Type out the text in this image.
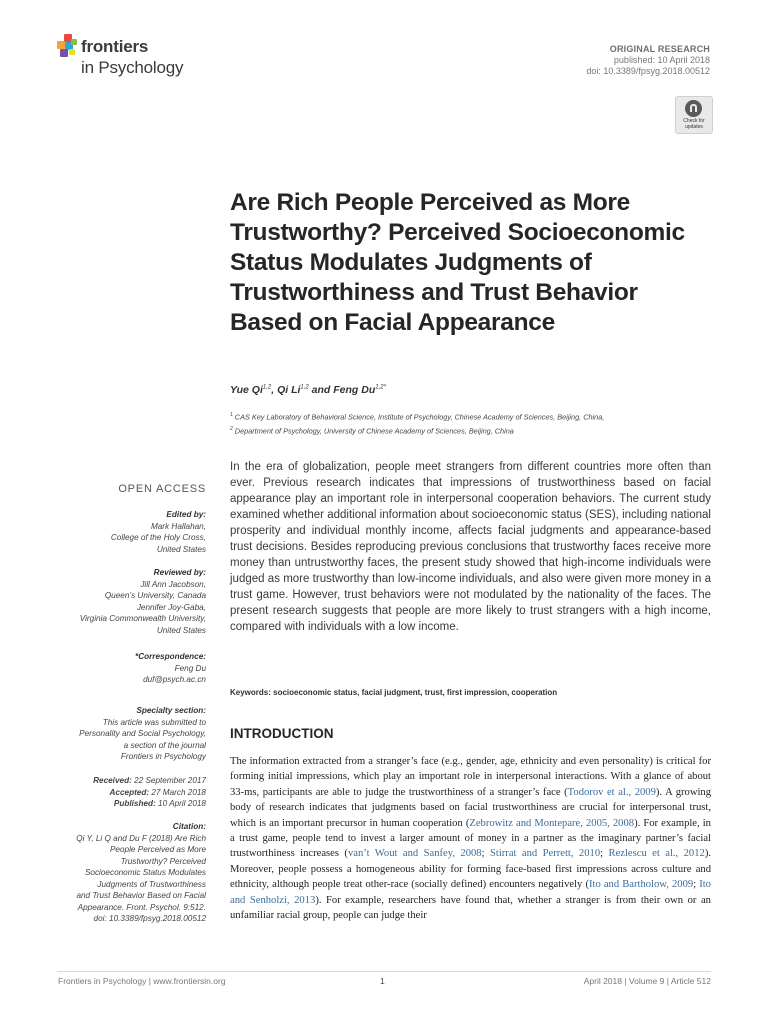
frontiers
in Psychology
ORIGINAL RESEARCH
published: 10 April 2018
doi: 10.3389/fpsyg.2018.00512
Check for
updates
Are Rich People Perceived as More Trustworthy? Perceived Socioeconomic Status Modulates Judgments of Trustworthiness and Trust Behavior Based on Facial Appearance
Yue Qi$^{1,2}$, Qi Li$^{1,2}$ and Feng $Du^{1,2*}$
$^1$ CAS Key Laboratory of Behavioral Science, Institute of Psychology, Chinese Academy of Sciences, Beijing, China,
$^2$ Department of Psychology, University of Chinese Academy of Sciences, Beijing, China
In the era of globalization, people meet strangers from different countries more often than ever. Previous research indicates that impressions of trustworthiness based on facial appearance play an important role in interpersonal cooperation behaviors. The current study examined whether additional information about socioeconomic status (SES), including national prosperity and individual monthly income, affects facial judgments and appearance-based trust decisions. Besides reproducing previous conclusions that trustworthy faces receive more money than untrustworthy faces, the present study showed that high-income individuals were judged as more trustworthy than low-income individuals, and also were given more money in a trust game. However, trust behaviors were not modulated by the nationality of the faces. The present research suggests that people are more likely to trust strangers with a high income, compared with individuals with a low income.
Keywords: socioeconomic status, facial judgment, trust, first impression, cooperation
OPEN ACCESS
Edited by:
Mark Hallahan,
College of the Holy Cross,
United States
Reviewed by:
Jill Ann Jacobson,
Queen’s University, Canada
Jennifer Joy-Gaba,
Virginia Commonwealth University,
United States
*Correspondence:
Feng Du
duf@psych.ac.cn
Specialty section:
This article was submitted to
Personality and Social Psychology,
a section of the journal
Frontiers in Psychology
Received: 22 September 2017
Accepted: 27 March 2018
Published: 10 April 2018
Citation:
Qi Y, Li Q and Du F (2018) Are Rich
People Perceived as More
Trustworthy? Perceived
Socioeconomic Status Modulates
Judgments of Trustworthiness
and Trust Behavior Based on Facial
Appearance. Front. Psychol. 9:512.
doi: 10.3389/fpsyg.2018.00512
INTRODUCTION
The information extracted from a stranger’s face (e.g., gender, age, ethnicity and even personality) is critical for forming initial impressions, which play an important role in interpersonal interactions. With a glance of about 33-ms, participants are able to judge the trustworthiness of a stranger’s face (Todorov et al., 2009). A growing body of research indicates that judgments based on facial trustworthiness are crucial for interpersonal trust, which is an important precursor in human cooperation (Zebrowitz and Montepare, 2005, 2008). For example, in a trust game, people tend to invest a larger amount of money in a partner as the imaginary partner’s facial trustworthiness increases (van’t Wout and Sanfey, 2008; Stirrat and Perrett, 2010; Rezlescu et al., 2012). Moreover, people possess a homogeneous ability for forming face-based first impressions across culture and ethnicity, although people treat other-race (socially defined) encounters negatively (Ito and Bartholow, 2009; Ito and Senholzi, 2013). For example, researchers have found that, whether a stranger is from their own or an unfamiliar racial group, people can judge their
Frontiers in Psychology | www.frontiersin.org	1	April 2018 | Volume 9 | Article 512
